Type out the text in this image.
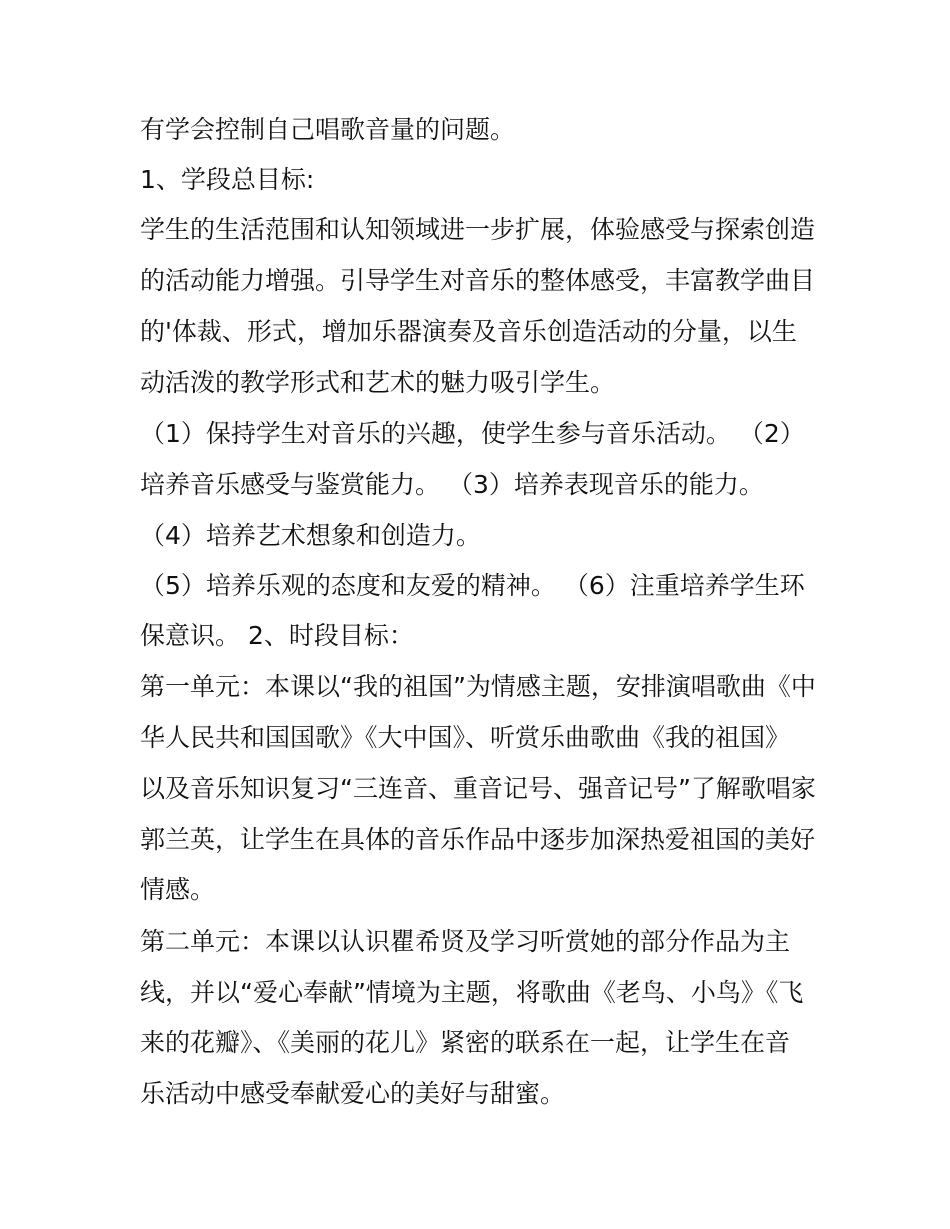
有学会控制自己唱歌音量的问题。
1、学段总目标:
学生的生活范围和认知领域进一步扩展，体验感受与探索创造
的活动能力增强。引导学生对音乐的整体感受，丰富教学曲目
的'体裁、形式，增加乐器演奏及音乐创造活动的分量，以生
动活泼的教学形式和艺术的魅力吸引学生。
（1）保持学生对音乐的兴趣，使学生参与音乐活动。 （2）
培养音乐感受与鉴赏能力。 （3）培养表现音乐的能力。
（4）培养艺术想象和创造力。
（5）培养乐观的态度和友爱的精神。 （6）注重培养学生环
保意识。 2、时段目标：
第一单元：本课以“我的祖国”为情感主题，安排演唱歌曲《中
华人民共和国国歌》《大中国》、听赏乐曲歌曲《我的祖国》
以及音乐知识复习“三连音、重音记号、强音记号”了解歌唱家
郭兰英，让学生在具体的音乐作品中逐步加深热爱祖国的美好
情感。
第二单元：本课以认识瞿希贤及学习听赏她的部分作品为主
线，并以“爱心奉献”情境为主题，将歌曲《老鸟、小鸟》《飞
来的花瓣》、《美丽的花儿》紧密的联系在一起，让学生在音
乐活动中感受奉献爱心的美好与甜蜜。
